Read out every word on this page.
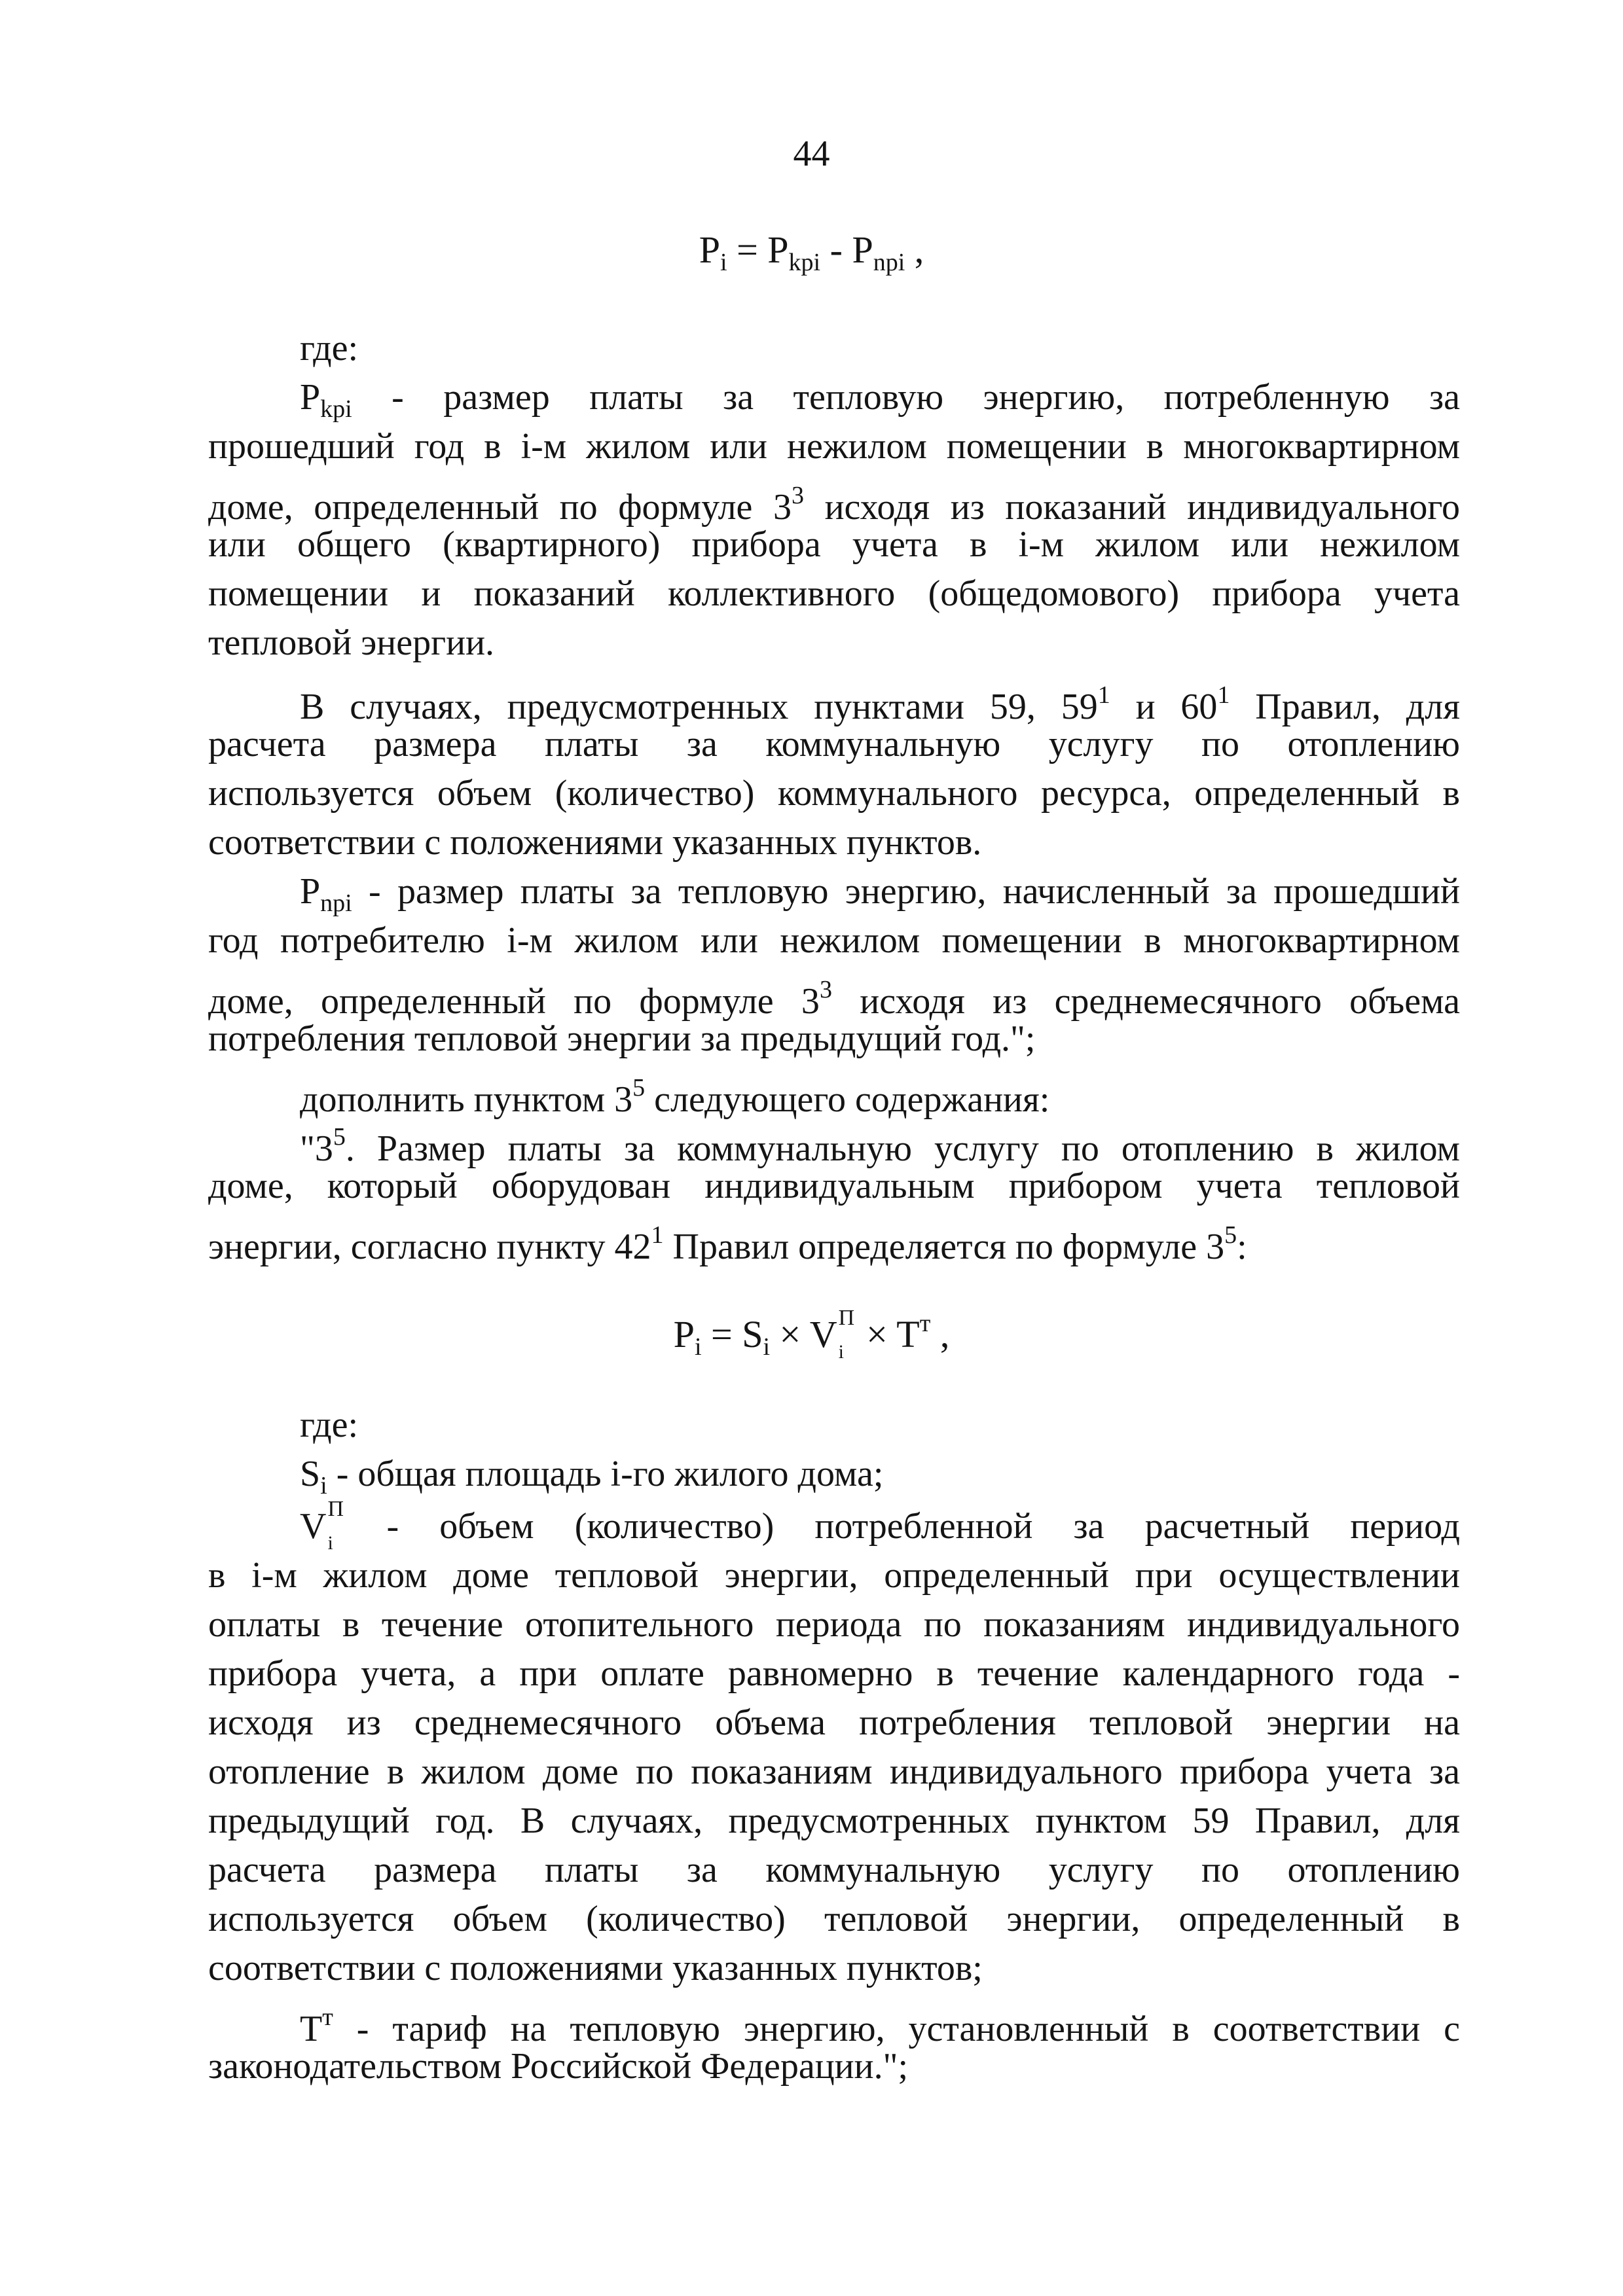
44
$P_i = P_{kpi} - P_{npi}$ ,
где:
$P_{kpi}$ - размер платы за тепловую энергию, потребленную за
прошедший год в i-м жилом или нежилом помещении в многоквартирном
доме, определенный по формуле $3^3$ исходя из показаний индивидуального
или общего (квартирного) прибора учета в i-м жилом или нежилом
помещении и показаний коллективного (общедомового) прибора учета
тепловой энергии.
В случаях, предусмотренных пунктами 59, $59^1$ и $60^1$ Правил, для
расчета размера платы за коммунальную услугу по отоплению
используется объем (количество) коммунального ресурса, определенный в
соответствии с положениями указанных пунктов.
$P_{npi}$ - размер платы за тепловую энергию, начисленный за прошедший
год потребителю i-м жилом или нежилом помещении в многоквартирном
доме, определенный по формуле $3^3$ исходя из среднемесячного объема
потребления тепловой энергии за предыдущий год.";
дополнить пунктом $3^5$ следующего содержания:
"$3^5$. Размер платы за коммунальную услугу по отоплению в жилом
доме, который оборудован индивидуальным прибором учета тепловой
энергии, согласно пункту $42^1$ Правил определяется по формуле $3^5$:
$P_i = S_i \times V$ П
$i \times T^т$ ,
где:
$S_i$ - общая площадь i-го жилого дома;
V П
i - объем (количество) потребленной за расчетный период
в i-м жилом доме тепловой энергии, определенный при осуществлении
оплаты в течение отопительного периода по показаниям индивидуального
прибора учета, а при оплате равномерно в течение календарного года -
исходя из среднемесячного объема потребления тепловой энергии на
отопление в жилом доме по показаниям индивидуального прибора учета за
предыдущий год. В случаях, предусмотренных пунктом 59 Правил, для
расчета размера платы за коммунальную услугу по отоплению
используется объем (количество) тепловой энергии, определенный в
соответствии с положениями указанных пунктов;
$T^т$ - тариф на тепловую энергию, установленный в соответствии с
законодательством Российской Федерации.";
